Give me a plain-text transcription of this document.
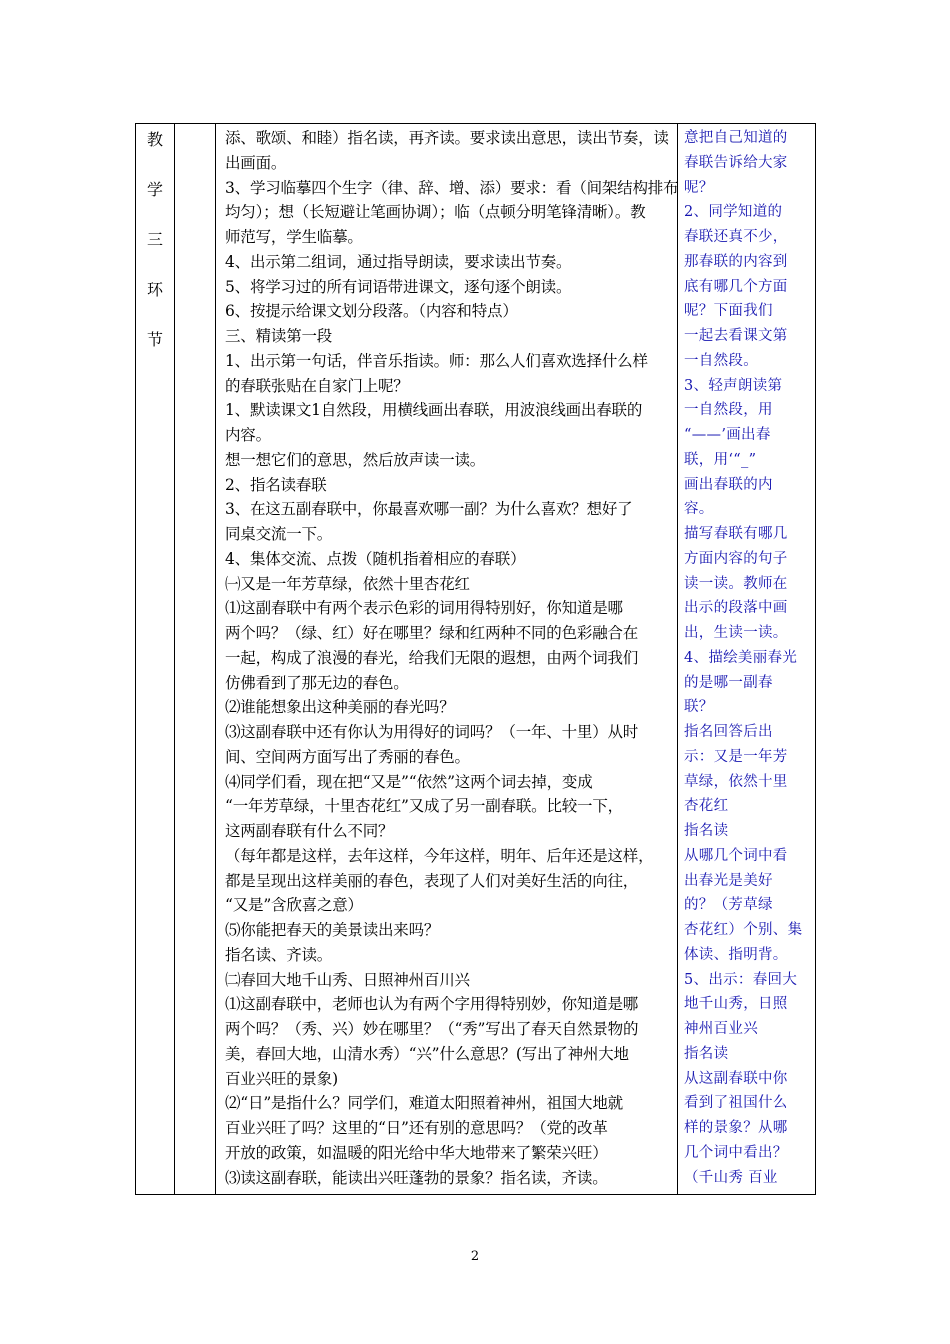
教
学
三
环
节
添、歌颂、和睦）指名读，再齐读。要求读出意思，读出节奏，读
出画面。
3、学习临摹四个生字（律、辞、增、添）要求：看（间架结构排布
均匀）；想（长短避让笔画协调）；临（点顿分明笔锋清晰）。教
师范写，学生临摹。
4、出示第二组词，通过指导朗读，要求读出节奏。
5、将学习过的所有词语带进课文，逐句逐个朗读。
6、按提示给课文划分段落。（内容和特点）
三、精读第一段
1、出示第一句话，伴音乐指读。师：那么人们喜欢选择什么样
的春联张贴在自家门上呢？
1、默读课文1自然段，用横线画出春联，用波浪线画出春联的
内容。
想一想它们的意思，然后放声读一读。
2、指名读春联
3、在这五副春联中，你最喜欢哪一副？为什么喜欢？想好了
同桌交流一下。
4、集体交流、点拨（随机指着相应的春联）
㈠又是一年芳草绿，依然十里杏花红
⑴这副春联中有两个表示色彩的词用得特别好，你知道是哪
两个吗？（绿、红）好在哪里？绿和红两种不同的色彩融合在
一起，构成了浪漫的春光，给我们无限的遐想，由两个词我们
仿佛看到了那无边的春色。
⑵谁能想象出这种美丽的春光吗？
⑶这副春联中还有你认为用得好的词吗？（一年、十里）从时
间、空间两方面写出了秀丽的春色。
⑷同学们看，现在把“又是”“依然”这两个词去掉，变成
“一年芳草绿，十里杏花红”又成了另一副春联。比较一下，
这两副春联有什么不同？
（每年都是这样，去年这样，今年这样，明年、后年还是这样，
都是呈现出这样美丽的春色，表现了人们对美好生活的向往，
“又是”含欣喜之意）
⑸你能把春天的美景读出来吗？
指名读、齐读。
㈡春回大地千山秀、日照神州百川兴
⑴这副春联中，老师也认为有两个字用得特别妙，你知道是哪
两个吗？（秀、兴）妙在哪里？（“秀”写出了春天自然景物的
美，春回大地，山清水秀）“兴”什么意思？(写出了神州大地
百业兴旺的景象)
⑵“日”是指什么？同学们，难道太阳照着神州，祖国大地就
百业兴旺了吗？这里的“日”还有别的意思吗？（党的改革
开放的政策，如温暖的阳光给中华大地带来了繁荣兴旺）
⑶读这副春联，能读出兴旺蓬勃的景象？指名读，齐读。
意把自己知道的
春联告诉给大家
呢？
2、同学知道的
春联还真不少，
那春联的内容到
底有哪几个方面
呢？下面我们
一起去看课文第
一自然段。
3、轻声朗读第
一自然段，用
“——’画出春
联，用‘“_”
画出春联的内
容。
描写春联有哪几
方面内容的句子
读一读。教师在
出示的段落中画
出，生读一读。
4、描绘美丽春光
的是哪一副春
联？
指名回答后出
示：又是一年芳
草绿，依然十里
杏花红
指名读
从哪几个词中看
出春光是美好
的？（芳草绿
杏花红）个别、集
体读、指明背。
5、出示：春回大
地千山秀，日照
神州百业兴
指名读
从这副春联中你
看到了祖国什么
样的景象？从哪
几个词中看出？
（千山秀 百业
2
